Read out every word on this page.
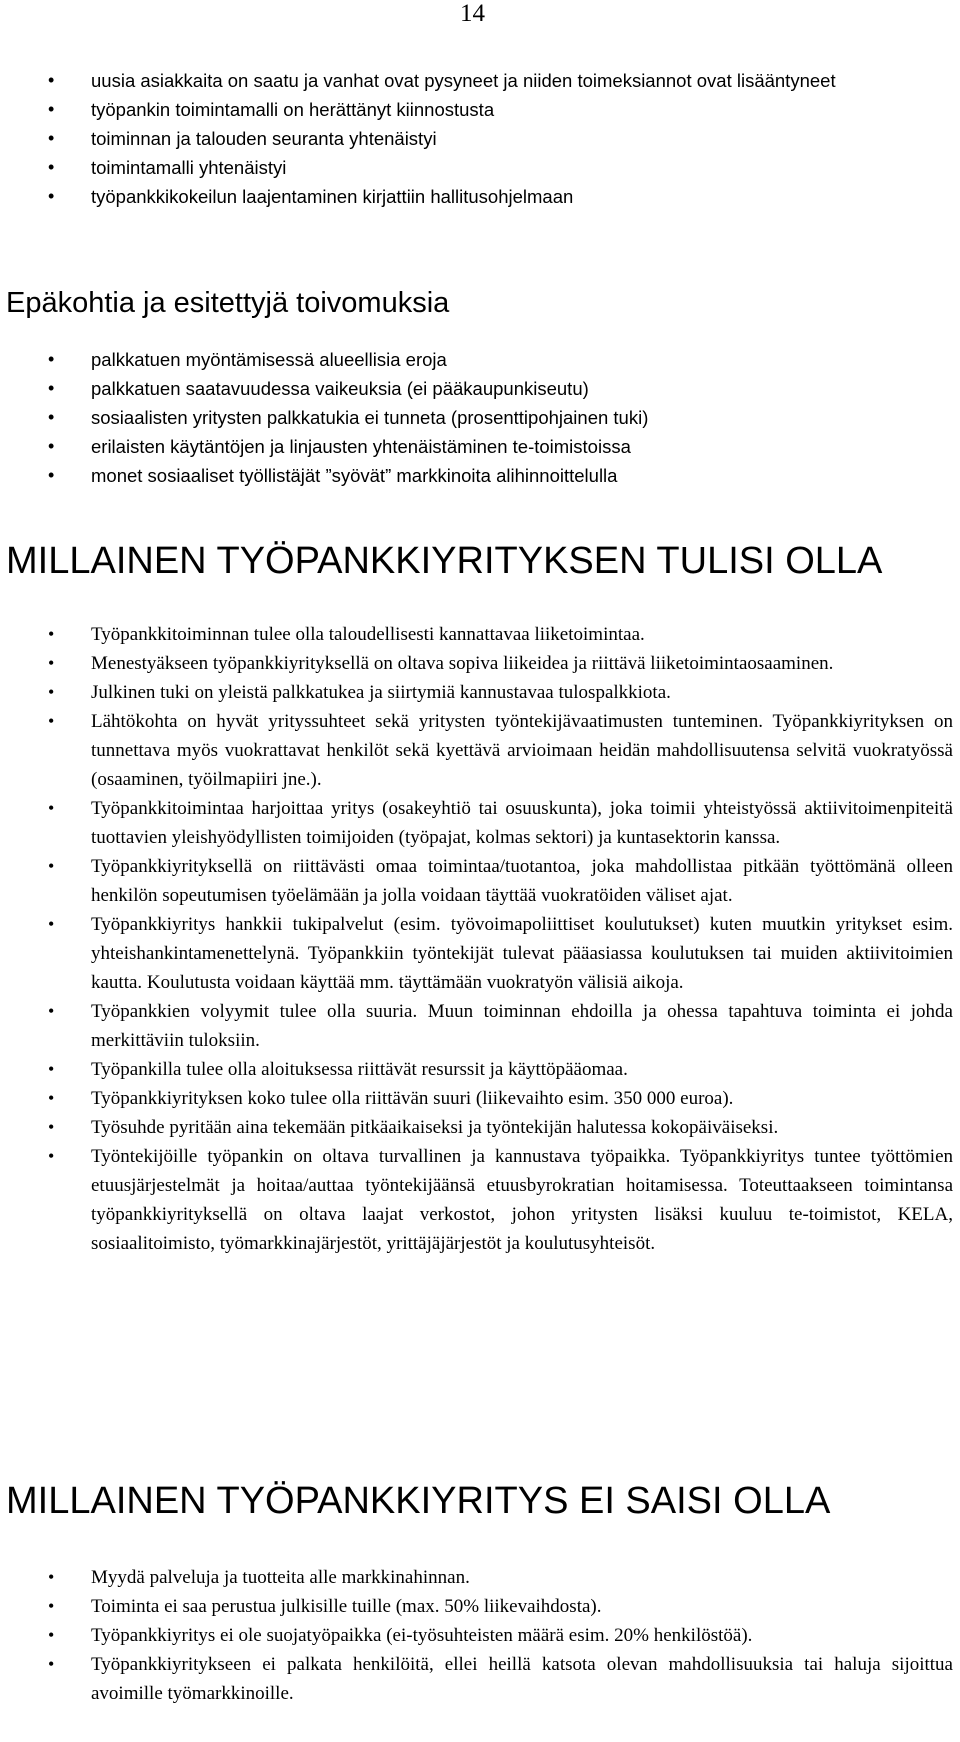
14
• uusia asiakkaita on saatu ja vanhat ovat pysyneet ja niiden toimeksiannot ovat lisääntyneet
• työpankin toimintamalli on herättänyt kiinnostusta
• toiminnan ja talouden seuranta yhtenäistyi
• toimintamalli yhtenäistyi
• työpankkikokeilun laajentaminen kirjattiin hallitusohjelmaan
Epäkohtia ja esitettyjä toivomuksia
• palkkatuen myöntämisessä alueellisia eroja
• palkkatuen saatavuudessa vaikeuksia (ei pääkaupunkiseutu)
• sosiaalisten yritysten palkkatukia ei tunneta (prosenttipohjainen tuki)
• erilaisten käytäntöjen ja linjausten yhtenäistäminen te-toimistoissa
• monet sosiaaliset työllistäjät ”syövät” markkinoita alihinnoittelulla
MILLAINEN TYÖPANKKIYRITYKSEN TULISI OLLA
• Työpankkitoiminnan tulee olla taloudellisesti kannattavaa liiketoimintaa.
• Menestyäkseen työpankkiyrityksellä on oltava sopiva liikeidea ja riittävä liiketoimintaosaaminen.
• Julkinen tuki on yleistä palkkatukea ja siirtymiä kannustavaa tulospalkkiota.
• Lähtökohta on hyvät yrityssuhteet sekä yritysten työntekijävaatimusten tunteminen. Työpankkiyrityksen on tunnettava myös vuokrattavat henkilöt sekä kyettävä arvioimaan heidän mahdollisuutensa selvitä vuokratyössä (osaaminen, työilmapiiri jne.).
• Työpankkitoimintaa harjoittaa yritys (osakeyhtiö tai osuuskunta), joka toimii yhteistyössä aktiivitoimenpiteitä tuottavien yleishyödyllisten toimijoiden (työpajat, kolmas sektori) ja kuntasektorin kanssa.
• Työpankkiyrityksellä on riittävästi omaa toimintaa/tuotantoa, joka mahdollistaa pitkään työttömänä olleen henkilön sopeutumisen työelämään ja jolla voidaan täyttää vuokratöiden väliset ajat.
• Työpankkiyritys hankkii tukipalvelut (esim. työvoimapoliittiset koulutukset) kuten muutkin yritykset esim. yhteishankintamenettelynä. Työpankkiin työntekijät tulevat pääasiassa koulutuksen tai muiden aktiivitoimien kautta. Koulutusta voidaan käyttää mm. täyttämään vuokratyön välisiä aikoja.
• Työpankkien volyymit tulee olla suuria. Muun toiminnan ehdoilla ja ohessa tapahtuva toiminta ei johda merkittäviin tuloksiin.
• Työpankilla tulee olla aloituksessa riittävät resurssit ja käyttöpääomaa.
• Työpankkiyrityksen koko tulee olla riittävän suuri (liikevaihto esim. 350 000 euroa).
• Työsuhde pyritään aina tekemään pitkäaikaiseksi ja työntekijän halutessa kokopäiväiseksi.
• Työntekijöille työpankin on oltava turvallinen ja kannustava työpaikka. Työpankkiyritys tuntee työttömien etuusjärjestelmät ja hoitaa/auttaa työntekijäänsä etuusbyrokratian hoitamisessa. Toteuttaakseen toimintansa työpankkiyrityksellä on oltava laajat verkostot, johon yritysten lisäksi kuuluu te-toimistot, KELA, sosiaalitoimisto, työmarkkinajärjestöt, yrittäjäjärjestöt ja koulutusyhteisöt.
MILLAINEN TYÖPANKKIYRITYS EI SAISI OLLA
• Myydä palveluja ja tuotteita alle markkinahinnan.
• Toiminta ei saa perustua julkisille tuille (max. 50% liikevaihdosta).
• Työpankkiyritys ei ole suojatyöpaikka (ei-työsuhteisten määrä esim. 20% henkilöstöä).
• Työpankkiyritykseen ei palkata henkilöitä, ellei heillä katsota olevan mahdollisuuksia tai haluja sijoittua avoimille työmarkkinoille.
